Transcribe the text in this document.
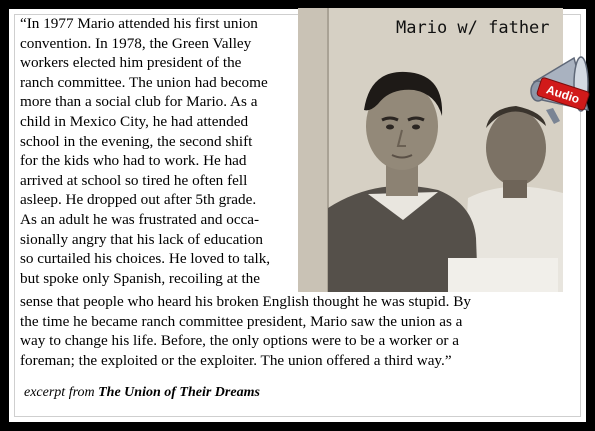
Mario w/ father
Audio
“In 1977 Mario attended his first union
convention. In 1978, the Green Valley
workers elected him president of the
ranch committee. The union had become
more than a social club for Mario. As a
child in Mexico City, he had attended
school in the evening, the second shift
for the kids who had to work. He had
arrived at school so tired he often fell
asleep. He dropped out after 5th grade.
As an adult he was frustrated and occa-
sionally angry that his lack of education
so curtailed his choices. He loved to talk,
but spoke only Spanish, recoiling at the
sense that people who heard his broken English thought he was stupid. By
the time he became ranch committee president, Mario saw the union as a
way to change his life. Before, the only options were to be a worker or a
foreman; the exploited or the exploiter. The union offered a third way.”
excerpt from The Union of Their Dreams
